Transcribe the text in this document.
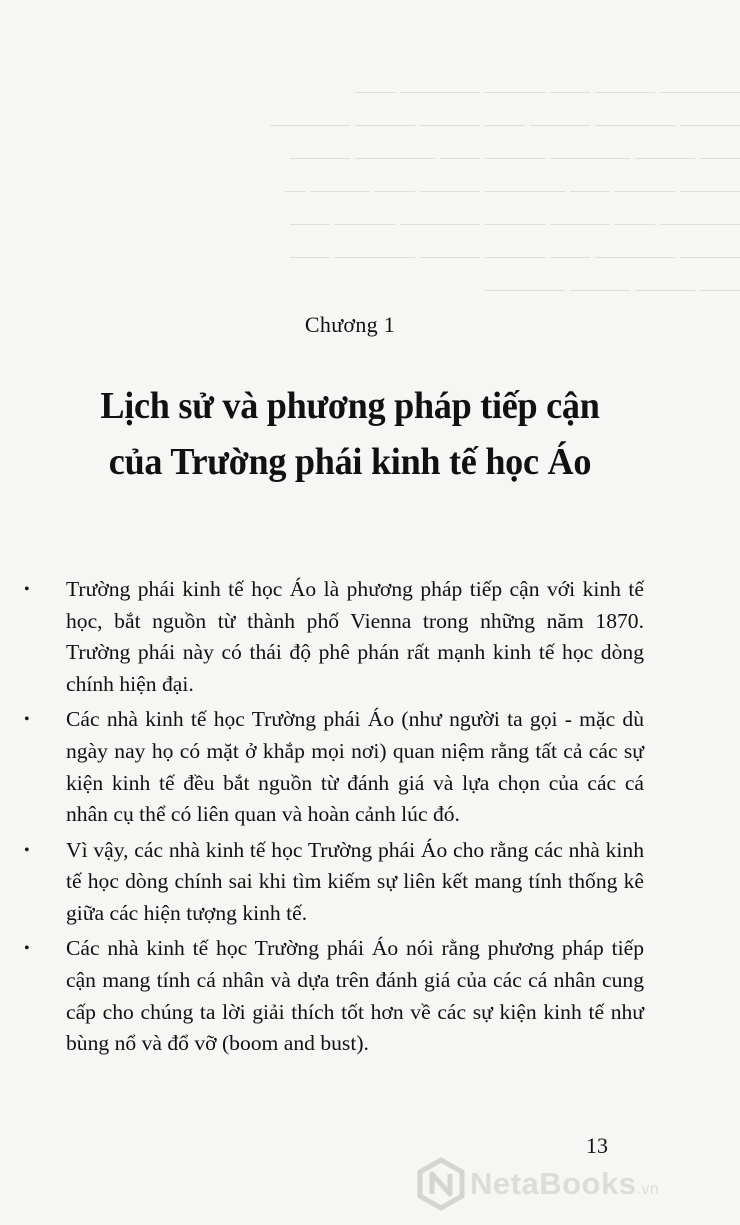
———— ——— —— ——— ———— ——
——— ———— ——— —— ——— ——— ————
—— ——— ———— ——— —— ———— ———
——— ——— —— ———— ——— —— ——— —
———— —— ——— ——— ———— ——— ——
——— ———— —— ——— ——— ———— ——
—— ——— ——— ————
Chương 1
Lịch sử và phương pháp tiếp cận
của Trường phái kinh tế học Áo
•	Trường phái kinh tế học Áo là phương pháp tiếp cận với kinh tế học, bắt nguồn từ thành phố Vienna trong những năm 1870. Trường phái này có thái độ phê phán rất mạnh kinh tế học dòng chính hiện đại.
•	Các nhà kinh tế học Trường phái Áo (như người ta gọi - mặc dù ngày nay họ có mặt ở khắp mọi nơi) quan niệm rằng tất cả các sự kiện kinh tế đều bắt nguồn từ đánh giá và lựa chọn của các cá nhân cụ thể có liên quan và hoàn cảnh lúc đó.
•	Vì vậy, các nhà kinh tế học Trường phái Áo cho rằng các nhà kinh tế học dòng chính sai khi tìm kiếm sự liên kết mang tính thống kê giữa các hiện tượng kinh tế.
•	Các nhà kinh tế học Trường phái Áo nói rằng phương pháp tiếp cận mang tính cá nhân và dựa trên đánh giá của các cá nhân cung cấp cho chúng ta lời giải thích tốt hơn về các sự kiện kinh tế như bùng nổ và đổ vỡ (boom and bust).
13
NetaBooks.vn
